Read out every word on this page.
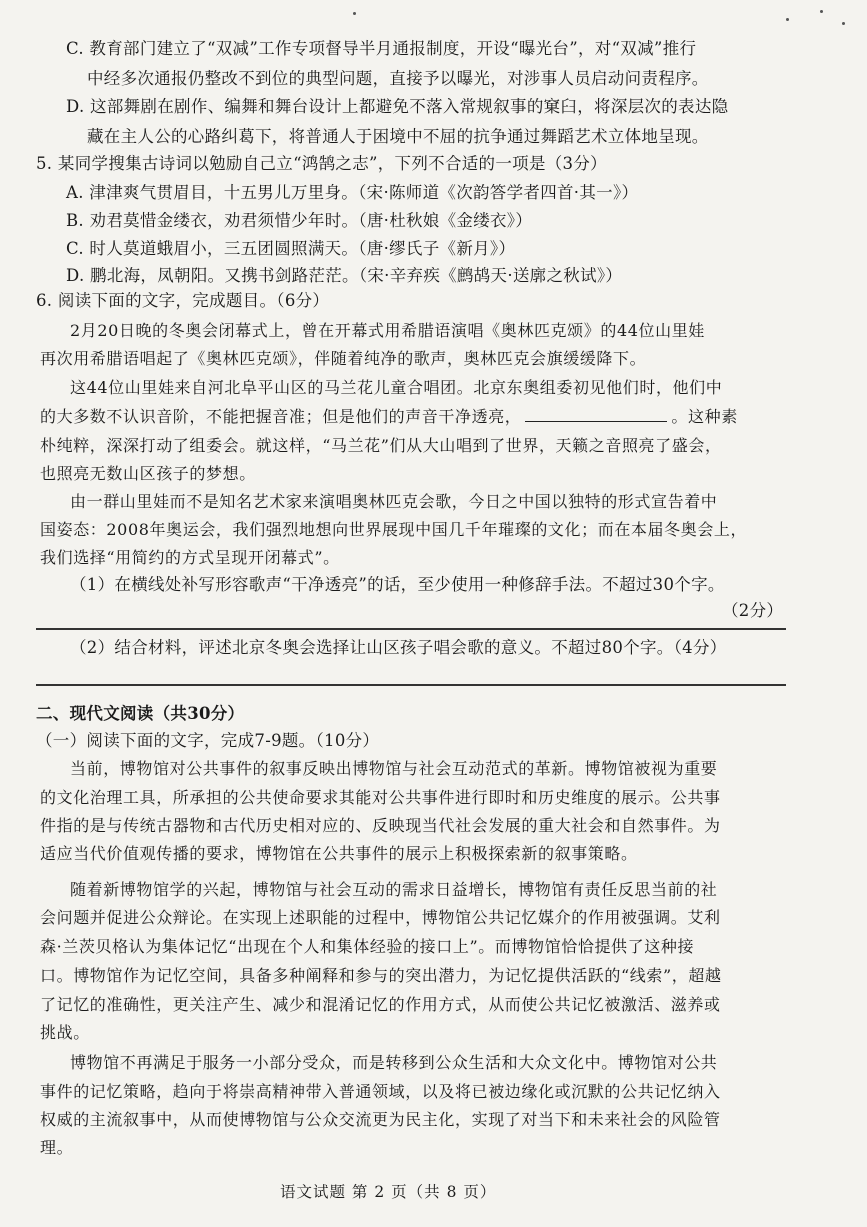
C. 教育部门建立了“双减”工作专项督导半月通报制度，开设“曝光台”，对“双减”推行
中经多次通报仍整改不到位的典型问题，直接予以曝光，对涉事人员启动问责程序。
D. 这部舞剧在剧作、编舞和舞台设计上都避免不落入常规叙事的窠臼，将深层次的表达隐
藏在主人公的心路纠葛下，将普通人于困境中不屈的抗争通过舞蹈艺术立体地呈现。
5. 某同学搜集古诗词以勉励自己立“鸿鹄之志”，下列不合适的一项是（3分）
A. 津津爽气贯眉目，十五男儿万里身。（宋·陈师道《次韵答学者四首·其一》）
B. 劝君莫惜金缕衣，劝君须惜少年时。（唐·杜秋娘《金缕衣》）
C. 时人莫道蛾眉小，三五团圆照满天。（唐·缪氏子《新月》）
D. 鹏北海，凤朝阳。又携书剑路茫茫。（宋·辛弃疾《鹧鸪天·送廓之秋试》）
6. 阅读下面的文字，完成题目。（6分）
2月20日晚的冬奥会闭幕式上，曾在开幕式用希腊语演唱《奥林匹克颂》的44位山里娃
再次用希腊语唱起了《奥林匹克颂》，伴随着纯净的歌声，奥林匹克会旗缓缓降下。
这44位山里娃来自河北阜平山区的马兰花儿童合唱团。北京东奥组委初见他们时，他们中
的大多数不认识音阶，不能把握音准；但是他们的声音干净透亮，	。这种素
朴纯粹，深深打动了组委会。就这样，“马兰花”们从大山唱到了世界，天籁之音照亮了盛会，
也照亮无数山区孩子的梦想。
由一群山里娃而不是知名艺术家来演唱奥林匹克会歌，今日之中国以独特的形式宣告着中
国姿态：2008年奥运会，我们强烈地想向世界展现中国几千年璀璨的文化；而在本届冬奥会上，
我们选择“用简约的方式呈现开闭幕式”。
（1）在横线处补写形容歌声“干净透亮”的话，至少使用一种修辞手法。不超过30个字。
（2分）
（2）结合材料，评述北京冬奥会选择让山区孩子唱会歌的意义。不超过80个字。（4分）
二、现代文阅读（共30分）
（一）阅读下面的文字，完成7-9题。（10分）
当前，博物馆对公共事件的叙事反映出博物馆与社会互动范式的革新。博物馆被视为重要
的文化治理工具，所承担的公共使命要求其能对公共事件进行即时和历史维度的展示。公共事
件指的是与传统古器物和古代历史相对应的、反映现当代社会发展的重大社会和自然事件。为
适应当代价值观传播的要求，博物馆在公共事件的展示上积极探索新的叙事策略。
随着新博物馆学的兴起，博物馆与社会互动的需求日益增长，博物馆有责任反思当前的社
会问题并促进公众辩论。在实现上述职能的过程中，博物馆公共记忆媒介的作用被强调。艾利
森·兰茨贝格认为集体记忆“出现在个人和集体经验的接口上”。而博物馆恰恰提供了这种接
口。博物馆作为记忆空间，具备多种阐释和参与的突出潜力，为记忆提供活跃的“线索”，超越
了记忆的准确性，更关注产生、减少和混淆记忆的作用方式，从而使公共记忆被激活、滋养或
挑战。
博物馆不再满足于服务一小部分受众，而是转移到公众生活和大众文化中。博物馆对公共
事件的记忆策略，趋向于将崇高精神带入普通领域，以及将已被边缘化或沉默的公共记忆纳入
权威的主流叙事中，从而使博物馆与公众交流更为民主化，实现了对当下和未来社会的风险管
理。
语文试题 第 2 页（共 8 页）
